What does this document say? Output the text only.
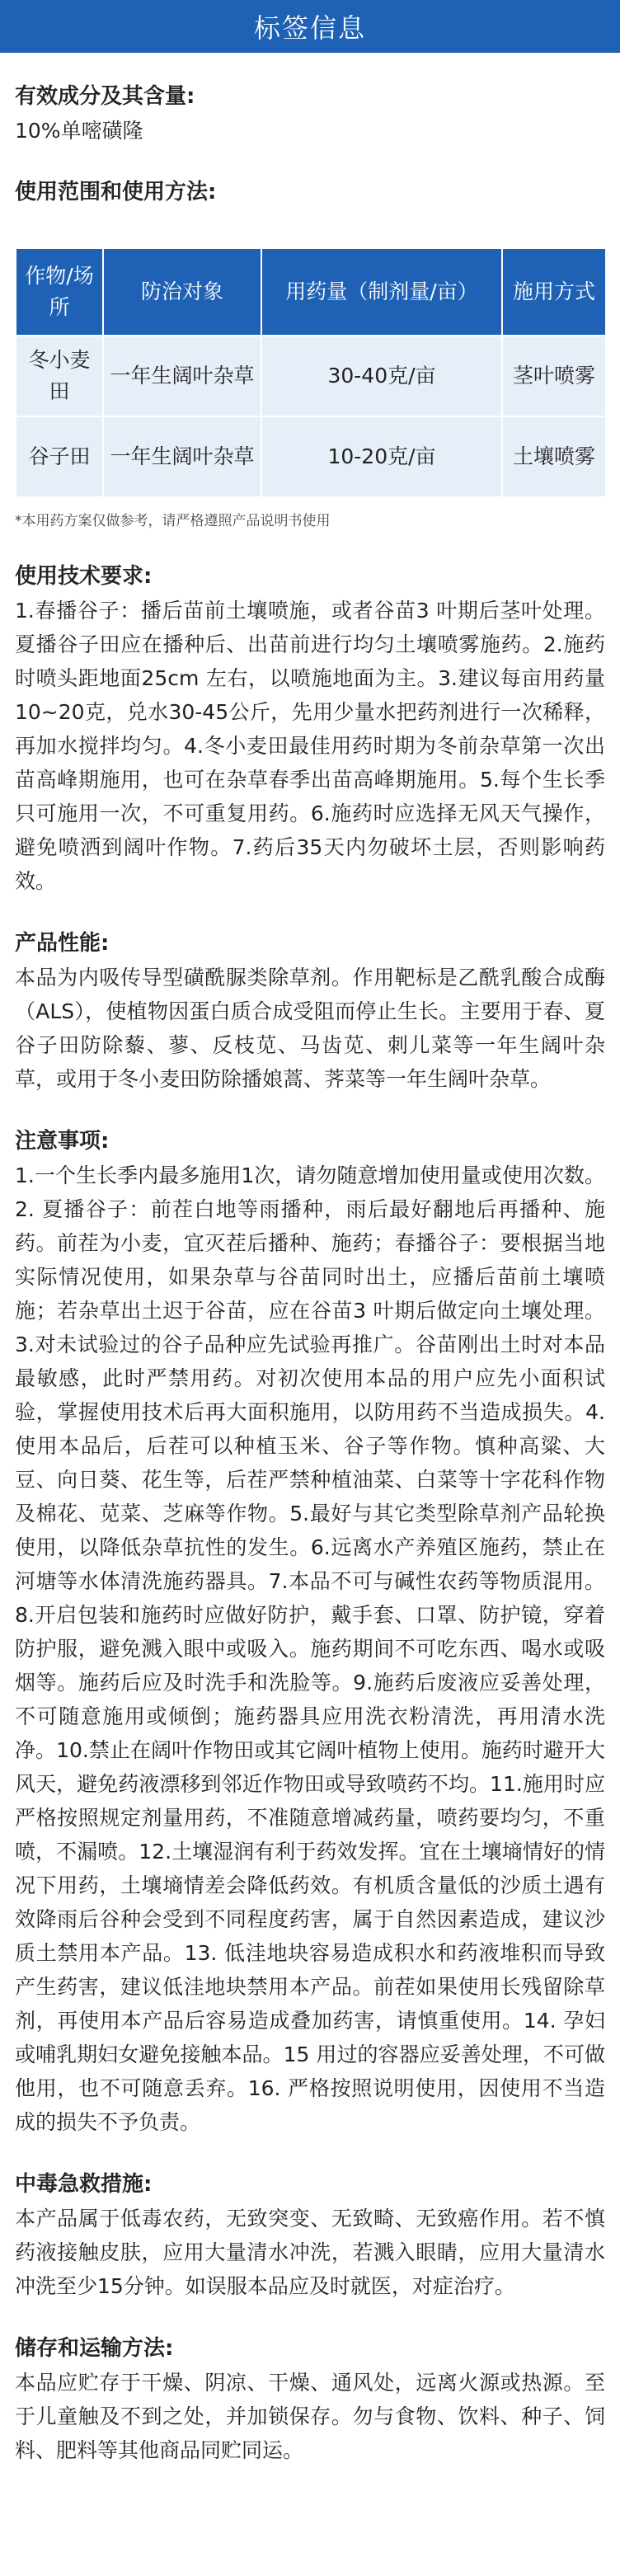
标签信息
有效成分及其含量:
10%单嘧磺隆
使用范围和使用方法:
作物/场所	防治对象	用药量（制剂量/亩）	施用方式
冬小麦田	一年生阔叶杂草	30-40克/亩	茎叶喷雾
谷子田	一年生阔叶杂草	10-20克/亩	土壤喷雾
*本用药方案仅做参考，请严格遵照产品说明书使用
使用技术要求:

1.春播谷子：播后苗前土壤喷施，或者谷苗3 叶期后茎叶处理。夏播谷子田应在播种后、出苗前进行均匀土壤喷雾施药。2.施药时喷头距地面25cm 左右，以喷施地面为主。3.建议每亩用药量10~20克，兑水30-45公斤，先用少量水把药剂进行一次稀释，再加水搅拌均匀。4.冬小麦田最佳用药时期为冬前杂草第一次出苗高峰期施用，也可在杂草春季出苗高峰期施用。5.每个生长季只可施用一次，不可重复用药。6.施药时应选择无风天气操作，避免喷洒到阔叶作物。7.药后35天内勿破坏土层，否则影响药效。

产品性能:

本品为内吸传导型磺酰脲类除草剂。作用靶标是乙酰乳酸合成酶（ALS），使植物因蛋白质合成受阻而停止生长。主要用于春、夏谷子田防除藜、蓼、反枝苋、马齿苋、刺儿菜等一年生阔叶杂草，或用于冬小麦田防除播娘蒿、荠菜等一年生阔叶杂草。

注意事项:

1.一个生长季内最多施用1次，请勿随意增加使用量或使用次数。2. 夏播谷子：前茬白地等雨播种，雨后最好翻地后再播种、施药。前茬为小麦，宜灭茬后播种、施药；春播谷子：要根据当地实际情况使用，如果杂草与谷苗同时出土，应播后苗前土壤喷施；若杂草出土迟于谷苗，应在谷苗3 叶期后做定向土壤处理。3.对未试验过的谷子品种应先试验再推广。谷苗刚出土时对本品最敏感，此时严禁用药。对初次使用本品的用户应先小面积试验，掌握使用技术后再大面积施用，以防用药不当造成损失。4.使用本品后，后茬可以种植玉米、谷子等作物。慎种高粱、大豆、向日葵、花生等，后茬严禁种植油菜、白菜等十字花科作物及棉花、苋菜、芝麻等作物。5.最好与其它类型除草剂产品轮换使用，以降低杂草抗性的发生。6.远离水产养殖区施药，禁止在河塘等水体清洗施药器具。7.本品不可与碱性农药等物质混用。8.开启包装和施药时应做好防护，戴手套、口罩、防护镜，穿着防护服，避免溅入眼中或吸入。施药期间不可吃东西、喝水或吸烟等。施药后应及时洗手和洗脸等。9.施药后废液应妥善处理，不可随意施用或倾倒；施药器具应用洗衣粉清洗，再用清水洗净。10.禁止在阔叶作物田或其它阔叶植物上使用。施药时避开大风天，避免药液漂移到邻近作物田或导致喷药不均。11.施用时应严格按照规定剂量用药，不准随意增减药量，喷药要均匀，不重喷，不漏喷。12.土壤湿润有利于药效发挥。宜在土壤墒情好的情况下用药，土壤墒情差会降低药效。有机质含量低的沙质土遇有效降雨后谷种会受到不同程度药害，属于自然因素造成，建议沙质土禁用本产品。13. 低洼地块容易造成积水和药液堆积而导致产生药害，建议低洼地块禁用本产品。前茬如果使用长残留除草剂，再使用本产品后容易造成叠加药害，请慎重使用。14. 孕妇或哺乳期妇女避免接触本品。15 用过的容器应妥善处理，不可做他用，也不可随意丢弃。16. 严格按照说明使用，因使用不当造成的损失不予负责。

中毒急救措施:

本产品属于低毒农药，无致突变、无致畸、无致癌作用。若不慎药液接触皮肤，应用大量清水冲洗，若溅入眼睛，应用大量清水冲洗至少15分钟。如误服本品应及时就医，对症治疗。

储存和运输方法:

本品应贮存于干燥、阴凉、干燥、通风处，远离火源或热源。至于儿童触及不到之处，并加锁保存。勿与食物、饮料、种子、饲料、肥料等其他商品同贮同运。
